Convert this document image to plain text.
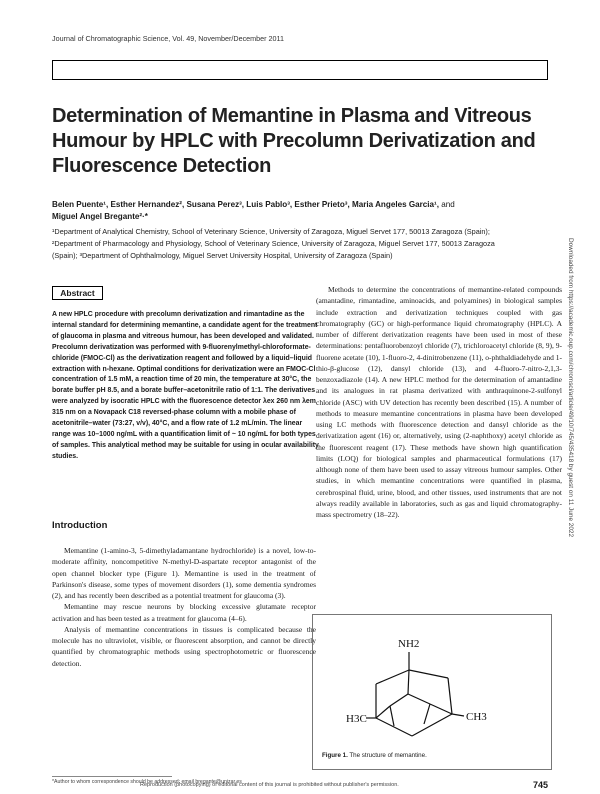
Journal of Chromatographic Science, Vol. 49, November/December 2011
Determination of Memantine in Plasma and Vitreous Humour by HPLC with Precolumn Derivatization and Fluorescence Detection
Belen Puente¹, Esther Hernandez², Susana Perez³, Luis Pablo³, Esther Prieto³, Maria Angeles Garcia¹, and
Miguel Angel Bregante²·*
¹Department of Analytical Chemistry, School of Veterinary Science, University of Zaragoza, Miguel Servet 177, 50013 Zaragoza (Spain);
²Department of Pharmacology and Physiology, School of Veterinary Science, University of Zaragoza, Miguel Servet 177, 50013 Zaragoza
(Spain); ³Department of Ophthalmology, Miguel Servet University Hospital, University of Zaragoza (Spain)
Abstract

A new HPLC procedure with precolumn derivatization and rimantadine as the internal standard for determining memantine, a candidate agent for the treatment of glaucoma in plasma and vitreous humour, has been developed and validated. Precolumn derivatization was performed with 9-fluorenylmethyl-chloroformate-chloride (FMOC-Cl) as the derivatization reagent and followed by a liquid–liquid extraction with n-hexane. Optimal conditions for derivatization were an FMOC-Cl concentration of 1.5 mM, a reaction time of 20 min, the temperature at 30°C, the borate buffer pH 8.5, and a borate buffer–acetonitrile ratio of 1:1. The derivatives were analyzed by isocratic HPLC with the fluorescence detector λex 260 nm λem 315 nm on a Novapack C18 reversed-phase column with a mobile phase of acetonitrile–water (73:27, v/v), 40°C, and a flow rate of 1.2 mL/min. The linear range was 10–1000 ng/mL with a quantification limit of ~ 10 ng/mL for both types of samples. This analytical method may be suitable for using in ocular availability studies.

Introduction

Memantine (1-amino-3, 5-dimethyladamantane hydrochloride) is a novel, low-to-moderate affinity, noncompetitive N-methyl-D-aspartate receptor antagonist of the open channel blocker type (Figure 1). Memantine is used in the treatment of Parkinson's disease, some types of movement disorders (1), some dementia syndromes (2), and has recently been described as a potential treatment for glaucoma (3).

Memantine may rescue neurons by blocking excessive glutamate receptor activation and has been tested as a treatment for glaucoma (4–6).

Analysis of memantine concentrations in tissues is complicated because the molecule has no ultraviolet, visible, or fluorescent absorption, and cannot be directly quantified by chromatographic methods using spectrophotometric or fluorescence detection.

Methods to determine the concentrations of memantine-related compounds (amantadine, rimantadine, aminoacids, and polyamines) in biological samples include extraction and derivatization techniques coupled with gas chromatography (GC) or high-performance liquid chromatography (HPLC). A number of different derivatization reagents have been used in most of these determinations: pentafluorobenzoyl chloride (7), trichloroacetyl chloride (8, 9), 9-fluorene acetate (10), 1-fluoro-2, 4-dinitrobenzene (11), o-phthaldiadehyde and 1-thio-β-glucose (12), dansyl chloride (13), and 4-fluoro-7-nitro-2,1,3-benzoxadiazole (14). A new HPLC method for the determination of amantadine and its analogues in rat plasma derivatized with anthraquinone-2-sulfonyl chloride (ASC) with UV detection has recently been described (15). A number of methods to measure memantine concentrations in plasma have been developed using LC methods with fluorescence detection and dansyl chloride as the derivatization agent (16) or, alternatively, using (2-naphthoxy) acetyl chloride as the fluorescent reagent (17). These methods have shown high quantification limits (LOQ) for biological samples and pharmaceutical formulations (17) although none of them have been used to assay vitreous humour samples. Other studies, in which memantine concentrations were quantified in plasma, cerebrospinal fluid, urine, blood, and other tissues, used instruments that are not always readily available in laboratories, such as gas and liquid chromatography-mass spectrometry (18–22).

NH2
H3C	CH3
Figure 1. The structure of memantine.
*Author to whom correspondence should be addressed: email bregante@unizar.es
Reproduction (photocopying) of editorial content of this journal is prohibited without publisher's permission.	745
Downloaded from https://academic.oup.com/chromsci/article/49/10/745/435418 by guest on 11 June 2022
